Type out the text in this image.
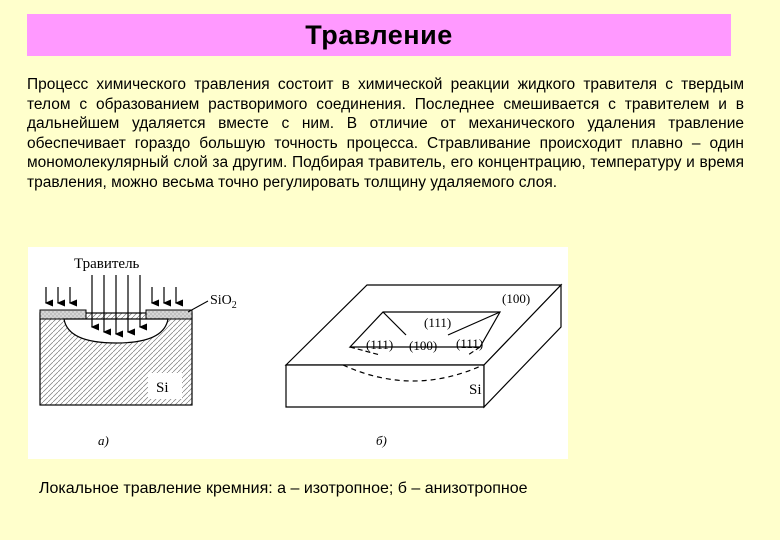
Травление

Процесс химического травления состоит в химической реакции жидкого травителя с твердым телом с образованием растворимого соединения. Последнее смешивается с травителем и в дальнейшем удаляется вместе с ним. В отличие от механического удаления травление обеспечивает гораздо большую точность процесса. Стравливание происходит плавно – один мономолекулярный слой за другим. Подбирая травитель, его концентрацию, температуру и время травления, можно весьма точно регулировать толщину удаляемого слоя.

Травитель
SiO$_2$
Si
а)
(100)
(111)
(111) (100) (111)
Si
б)

Локальное травление кремния: а – изотропное; б – анизотропное
